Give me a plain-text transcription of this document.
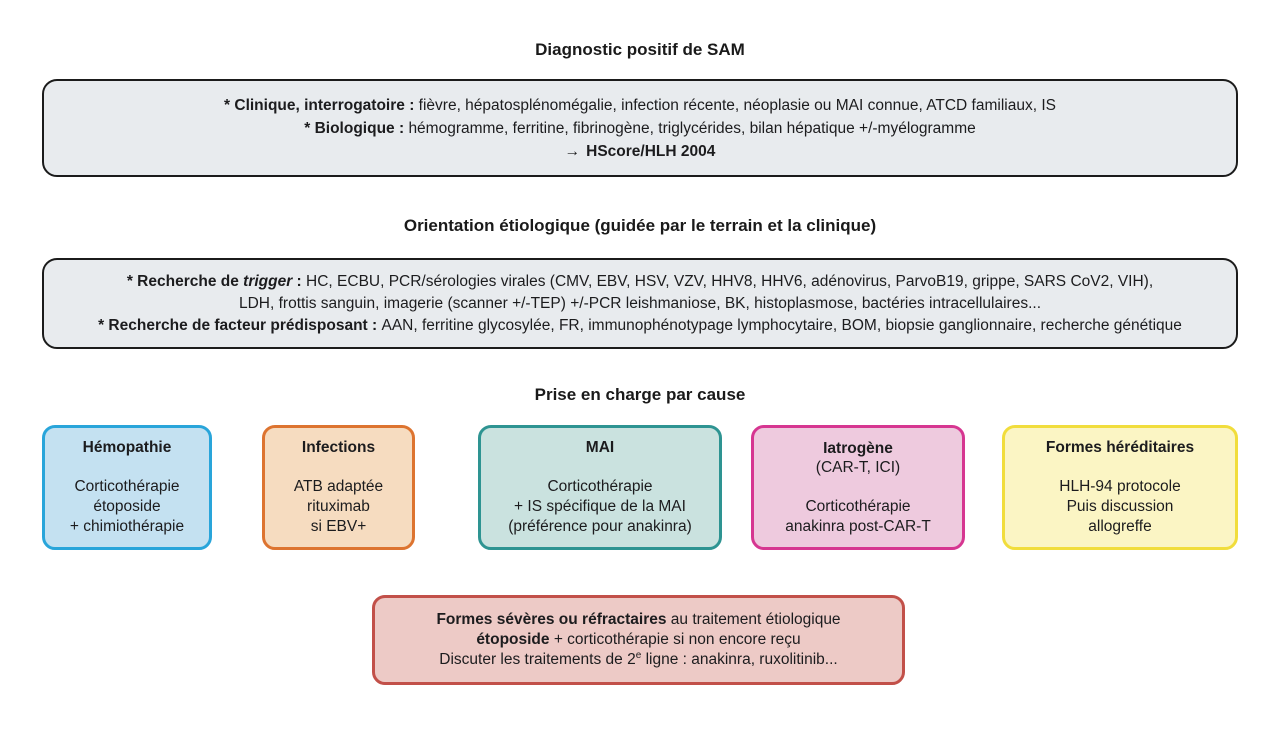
Diagnostic positif de SAM

* Clinique, interrogatoire : fièvre, hépatosplénomégalie, infection récente, néoplasie ou MAI connue, ATCD familiaux, IS

* Biologique : hémogramme, ferritine, fibrinogène, triglycérides, bilan hépatique +/-myélogramme

→ HScore/HLH 2004

Orientation étiologique (guidée par le terrain et la clinique)

* Recherche de trigger : HC, ECBU, PCR/sérologies virales (CMV, EBV, HSV, VZV, HHV8, HHV6, adénovirus, ParvoB19, grippe, SARS CoV2, VIH),

LDH, frottis sanguin, imagerie (scanner +/-TEP) +/-PCR leishmaniose, BK, histoplasmose, bactéries intracellulaires...

* Recherche de facteur prédisposant : AAN, ferritine glycosylée, FR, immunophénotypage lymphocytaire, BOM, biopsie ganglionnaire, recherche génétique

Prise en charge par cause
Hémopathie
Corticothérapie
étoposide
+ chimiothérapie
Infections
ATB adaptée
rituximab
si EBV+
MAI
Corticothérapie
+ IS spécifique de la MAI
(préférence pour anakinra)
Iatrogène
(CAR-T, ICI)
Corticothérapie
anakinra post-CAR-T
Formes héréditaires
HLH-94 protocole
Puis discussion
allogreffe

Formes sévères ou réfractaires au traitement étiologique

étoposide + corticothérapie si non encore reçu

Discuter les traitements de 2e ligne : anakinra, ruxolitinib...
